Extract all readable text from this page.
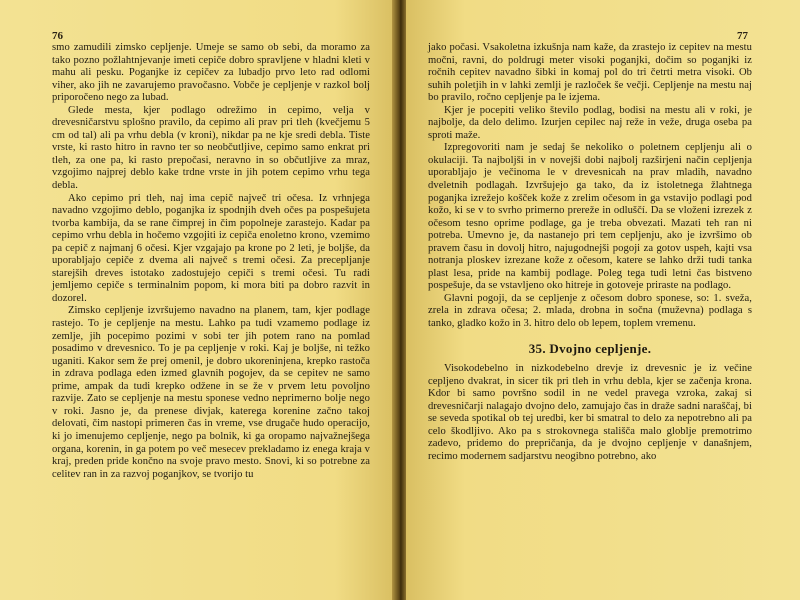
76

smo zamudili zimsko cepljenje. Umeje se samo ob sebi, da moramo za tako pozno požlahtnjevanje imeti cepiče dobro spravljene v hladni kleti v mahu ali pesku. Poganjke iz cepičev za lubadjo prvo leto rad odlomi viher, ako jih ne zavarujemo pravočasno. Vobče je cepljenje v razkol bolj priporočeno nego za lubad.

Glede mesta, kjer podlago odrežimo in cepimo, velja v drevesničarstvu splošno pravilo, da cepimo ali prav pri tleh (kvečjemu 5 cm od tal) ali pa vrhu debla (v kroni), nikdar pa ne kje sredi debla. Tiste vrste, ki rasto hitro in ravno ter so neobčutljive, cepimo samo enkrat pri tleh, za one pa, ki rasto prepočasi, neravno in so občutljive za mraz, vzgojimo najprej deblo kake trdne vrste in jih potem cepimo vrhu tega debla.

Ako cepimo pri tleh, naj ima cepič največ tri očesa. Iz vrhnjega navadno vzgojimo deblo, poganjka iz spodnjih dveh očes pa pospešujeta tvorba kambija, da se rane čimprej in čim popolneje zarastejo. Kadar pa cepimo vrhu debla in hočemo vzgojiti iz cepiča enoletno krono, vzemimo pa cepič z najmanj 6 očesi. Kjer vzgajajo pa krone po 2 leti, je boljše, da uporabljajo cepiče z dvema ali največ s tremi očesi. Za precepljanje starejših dreves istotako zadostujejo cepiči s tremi očesi. Tu radi jemljemo cepiče s terminalnim popom, ki mora biti pa dobro razvit in dozorel.

Zimsko cepljenje izvršujemo navadno na planem, tam, kjer podlage rastejo. To je cepljenje na mestu. Lahko pa tudi vzamemo podlage iz zemlje, jih pocepimo pozimi v sobi ter jih potem rano na pomlad posadimo v drevesnico. To je pa cepljenje v roki. Kaj je boljše, ni težko uganiti. Kakor sem že prej omenil, je dobro ukoreninjena, krepko rastoča in zdrava podlaga eden izmed glavnih pogojev, da se cepitev ne samo prime, ampak da tudi krepko odžene in se že v prvem letu povoljno razvije. Zato se cepljenje na mestu sponese vedno neprimerno bolje nego v roki. Jasno je, da prenese divjak, katerega korenine začno takoj delovati, čim nastopi primeren čas in vreme, vse drugače hudo operacijo, ki jo imenujemo cepljenje, nego pa bolnik, ki ga oropamo najvažnejšega organa, korenin, in ga potem po več mesecev prekladamo iz enega kraja v kraj, preden pride končno na svoje pravo mesto. Snovi, ki so potrebne za celitev ran in za razvoj poganjkov, se tvorijo tu

77

jako počasi. Vsakoletna izkušnja nam kaže, da zrastejo iz cepitev na mestu močni, ravni, do poldrugi meter visoki poganjki, dočim so poganjki iz ročnih cepitev navadno šibki in komaj pol do tri četrti metra visoki. Ob suhih poletjih in v lahki zemlji je razloček še večji. Cepljenje na mestu naj bo pravilo, ročno cepljenje pa le izjema.

Kjer je pocepiti veliko število podlag, bodisi na mestu ali v roki, je najbolje, da delo delimo. Izurjen cepilec naj reže in veže, druga oseba pa sproti maže.

Izpregovoriti nam je sedaj še nekoliko o poletnem cepljenju ali o okulaciji. Ta najboljši in v novejši dobi najbolj razširjeni način cepljenja uporabljajo je večinoma le v drevesnicah na prav mladih, navadno dveletnih podlagah. Izvršujejo ga tako, da iz istoletnega žlahtnega poganjka izrežejo košček kože z zrelim očesom in ga vstavijo podlagi pod kožo, ki se v to svrho primerno prereže in odluščí. Da se vloženi izrezek z očesom tesno oprime podlage, ga je treba obvezati. Mazati teh ran ni potreba. Umevno je, da nastanejo pri tem cepljenju, ako je izvršimo ob pravem času in dovolj hitro, najugodnejši pogoji za gotov uspeh, kajti vsa notranja ploskev izrezane kože z očesom, katere se lahko drži tudi tanka plast lesa, pride na kambij podlage. Poleg tega tudi letni čas bistveno pospešuje, da se vstavljeno oko hitreje in gotoveje priraste na podlago.

Glavni pogoji, da se cepljenje z očesom dobro sponese, so: 1. sveža, zrela in zdrava očesa; 2. mlada, drobna in sočna (muževna) podlaga s tanko, gladko kožo in 3. hitro delo ob lepem, toplem vremenu.

35. Dvojno cepljenje.

Visokodebelno in nizkodebelno drevje iz drevesnic je iz večine cepljeno dvakrat, in sicer tik pri tleh in vrhu debla, kjer se začenja krona. Kdor bi samo površno sodil in ne vedel pravega vzroka, zakaj si drevesničarji nalagajo dvojno delo, zamujajo čas in draže sadni naraščaj, bi se seveda spotikal ob tej uredbi, ker bi smatral to delo za nepotrebno ali pa celo škodljivo. Ako pa s strokovnega stališča malo globlje premotrimo zadevo, pridemo do prepričanja, da je dvojno cepljenje v današnjem, recimo modernem sadjarstvu neogibno potrebno, ako
